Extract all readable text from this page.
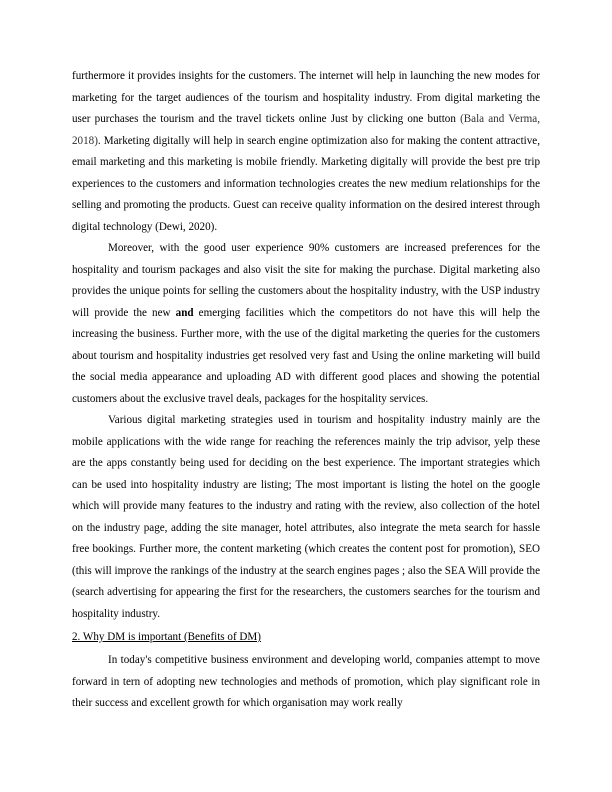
furthermore it provides insights for the customers. The internet will help in launching the new modes for marketing for the target audiences of the tourism and hospitality industry. From digital marketing the user purchases the tourism and the travel tickets online Just by clicking one button (Bala and Verma, 2018). Marketing digitally will help in search engine optimization also for making the content attractive, email marketing and this marketing is mobile friendly. Marketing digitally will provide the best pre trip experiences to the customers and information technologies creates the new medium relationships for the selling and promoting the products. Guest can receive quality information on the desired interest through digital technology (Dewi, 2020).

Moreover, with the good user experience 90% customers are increased preferences for the hospitality and tourism packages and also visit the site for making the purchase. Digital marketing also provides the unique points for selling the customers about the hospitality industry, with the USP industry will provide the new and emerging facilities which the competitors do not have this will help the increasing the business. Further more, with the use of the digital marketing the queries for the customers about tourism and hospitality industries get resolved very fast and Using the online marketing will build the social media appearance and uploading AD with different good places and showing the potential customers about the exclusive travel deals, packages for the hospitality services.

Various digital marketing strategies used in tourism and hospitality industry mainly are the mobile applications with the wide range for reaching the references mainly the trip advisor, yelp these are the apps constantly being used for deciding on the best experience. The important strategies which can be used into hospitality industry are listing; The most important is listing the hotel on the google which will provide many features to the industry and rating with the review, also collection of the hotel on the industry page, adding the site manager, hotel attributes, also integrate the meta search for hassle free bookings. Further more, the content marketing (which creates the content post for promotion), SEO (this will improve the rankings of the industry at the search engines pages ; also the SEA Will provide the (search advertising for appearing the first for the researchers, the customers searches for the tourism and hospitality industry.

2. Why DM is important (Benefits of DM)

In today's competitive business environment and developing world, companies attempt to move forward in tern of adopting new technologies and methods of promotion, which play significant role in their success and excellent growth for which organisation may work really
